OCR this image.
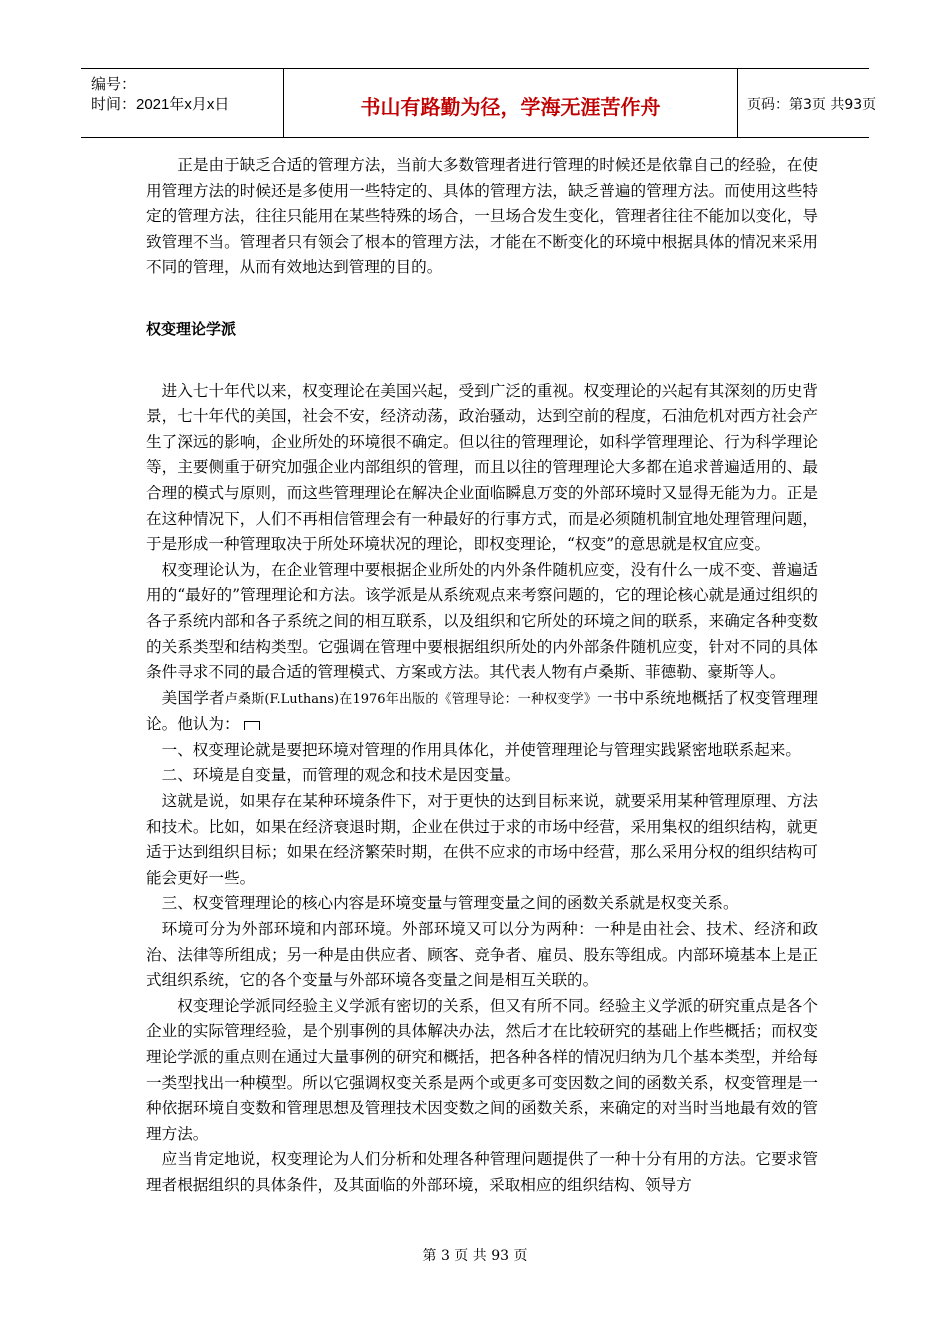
编号：
时间：2021年x月x日	书山有路勤为径，学海无涯苦作舟	页码：第3页 共93页

正是由于缺乏合适的管理方法，当前大多数管理者进行管理的时候还是依靠自己的经验，在使用管理方法的时候还是多使用一些特定的、具体的管理方法，缺乏普遍的管理方法。而使用这些特定的管理方法，往往只能用在某些特殊的场合，一旦场合发生变化，管理者往往不能加以变化，导致管理不当。管理者只有领会了根本的管理方法，才能在不断变化的环境中根据具体的情况来采用不同的管理，从而有效地达到管理的目的。

权变理论学派

进入七十年代以来，权变理论在美国兴起，受到广泛的重视。权变理论的兴起有其深刻的历史背景，七十年代的美国，社会不安，经济动荡，政治骚动，达到空前的程度，石油危机对西方社会产生了深远的影响，企业所处的环境很不确定。但以往的管理理论，如科学管理理论、行为科学理论等，主要侧重于研究加强企业内部组织的管理，而且以往的管理理论大多都在追求普遍适用的、最合理的模式与原则，而这些管理理论在解决企业面临瞬息万变的外部环境时又显得无能为力。正是在这种情况下，人们不再相信管理会有一种最好的行事方式，而是必须随机制宜地处理管理问题，于是形成一种管理取决于所处环境状况的理论，即权变理论，“权变”的意思就是权宜应变。

权变理论认为，在企业管理中要根据企业所处的内外条件随机应变，没有什么一成不变、普遍适用的“最好的”管理理论和方法。该学派是从系统观点来考察问题的，它的理论核心就是通过组织的各子系统内部和各子系统之间的相互联系，以及组织和它所处的环境之间的联系，来确定各种变数的关系类型和结构类型。它强调在管理中要根据组织所处的内外部条件随机应变，针对不同的具体条件寻求不同的最合适的管理模式、方案或方法。其代表人物有卢桑斯、菲德勒、豪斯等人。

美国学者卢桑斯(F.Luthans)在1976年出版的《管理导论：一种权变学》一书中系统地概括了权变管理理论。他认为：

一、权变理论就是要把环境对管理的作用具体化，并使管理理论与管理实践紧密地联系起来。

二、环境是自变量，而管理的观念和技术是因变量。

这就是说，如果存在某种环境条件下，对于更快的达到目标来说，就要采用某种管理原理、方法和技术。比如，如果在经济衰退时期，企业在供过于求的市场中经营，采用集权的组织结构，就更适于达到组织目标；如果在经济繁荣时期，在供不应求的市场中经营，那么采用分权的组织结构可能会更好一些。

三、权变管理理论的核心内容是环境变量与管理变量之间的函数关系就是权变关系。

环境可分为外部环境和内部环境。外部环境又可以分为两种：一种是由社会、技术、经济和政治、法律等所组成；另一种是由供应者、顾客、竞争者、雇员、股东等组成。内部环境基本上是正式组织系统，它的各个变量与外部环境各变量之间是相互关联的。

权变理论学派同经验主义学派有密切的关系，但又有所不同。经验主义学派的研究重点是各个企业的实际管理经验，是个别事例的具体解决办法，然后才在比较研究的基础上作些概括；而权变理论学派的重点则在通过大量事例的研究和概括，把各种各样的情况归纳为几个基本类型，并给每一类型找出一种模型。所以它强调权变关系是两个或更多可变因数之间的函数关系，权变管理是一种依据环境自变数和管理思想及管理技术因变数之间的函数关系，来确定的对当时当地最有效的管理方法。

应当肯定地说，权变理论为人们分析和处理各种管理问题提供了一种十分有用的方法。它要求管理者根据组织的具体条件，及其面临的外部环境，采取相应的组织结构、领导方

第 3 页 共 93 页
